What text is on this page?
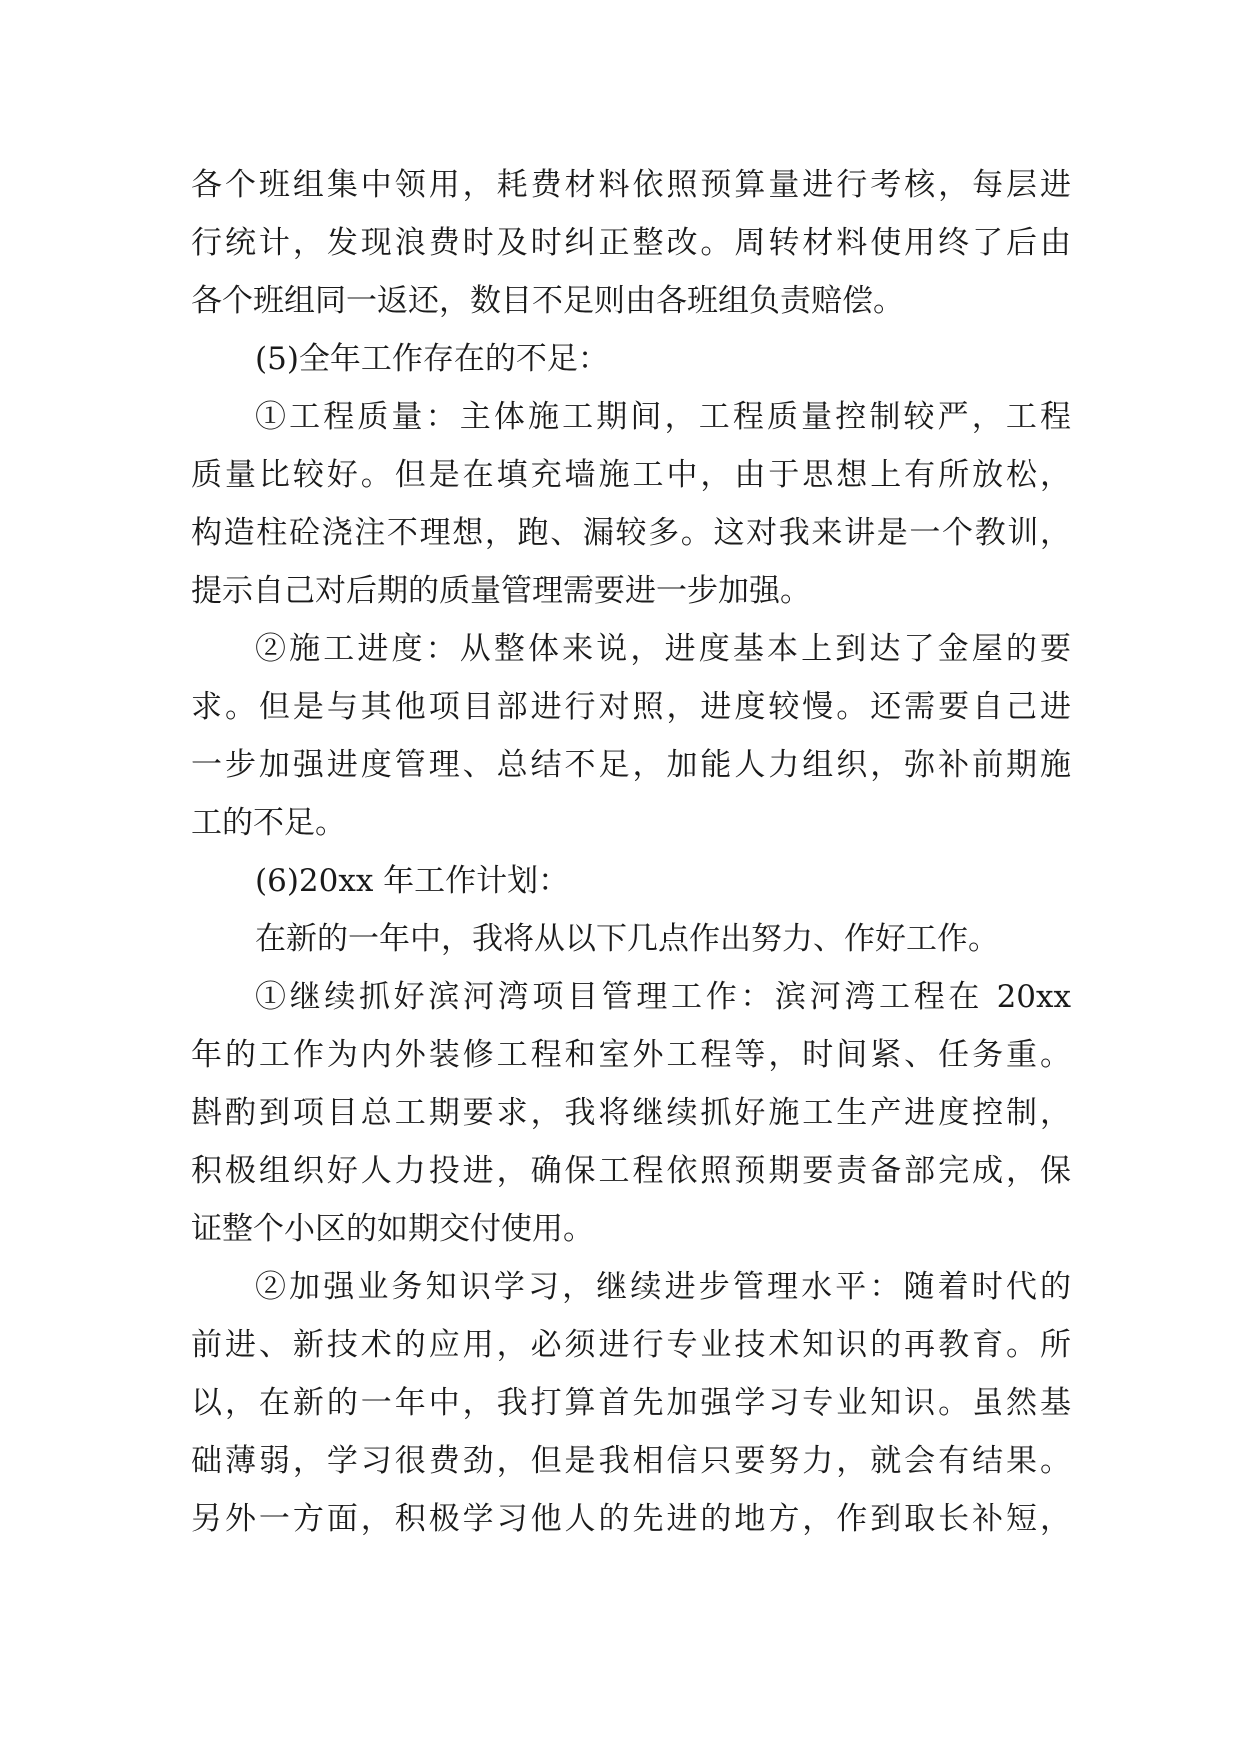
各个班组集中领用，耗费材料依照预算量进行考核，每层进
行统计，发现浪费时及时纠正整改。周转材料使用终了后由
各个班组同一返还，数目不足则由各班组负责赔偿。
(5)全年工作存在的不足：
①工程质量：主体施工期间，工程质量控制较严，工程
质量比较好。但是在填充墙施工中，由于思想上有所放松，
构造柱砼浇注不理想，跑、漏较多。这对我来讲是一个教训，
提示自己对后期的质量管理需要进一步加强。
②施工进度：从整体来说，进度基本上到达了金屋的要
求。但是与其他项目部进行对照，进度较慢。还需要自己进
一步加强进度管理、总结不足，加能人力组织，弥补前期施
工的不足。
(6)20xx 年工作计划：
在新的一年中，我将从以下几点作出努力、作好工作。
①继续抓好滨河湾项目管理工作：滨河湾工程在 20xx
年的工作为内外装修工程和室外工程等，时间紧、任务重。
斟酌到项目总工期要求，我将继续抓好施工生产进度控制，
积极组织好人力投进，确保工程依照预期要责备部完成，保
证整个小区的如期交付使用。
②加强业务知识学习，继续进步管理水平：随着时代的
前进、新技术的应用，必须进行专业技术知识的再教育。所
以，在新的一年中，我打算首先加强学习专业知识。虽然基
础薄弱，学习很费劲，但是我相信只要努力，就会有结果。
另外一方面，积极学习他人的先进的地方，作到取长补短，
